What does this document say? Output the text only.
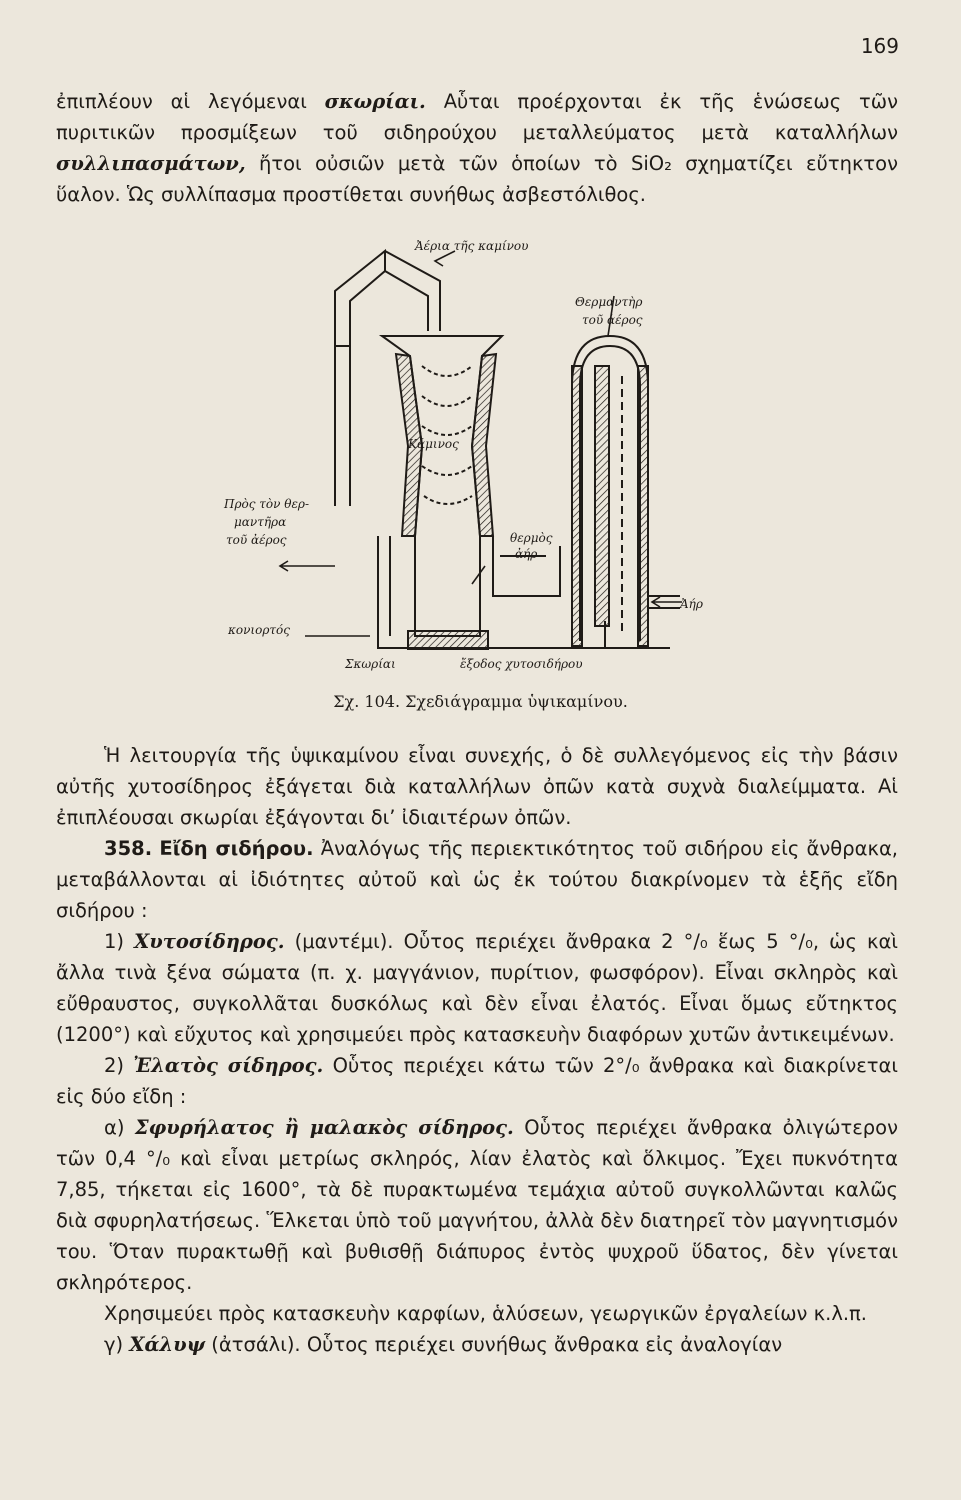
169

ἐπιπλέουν αἱ λεγόμεναι σκωρίαι. Αὗται προέρχονται ἐκ τῆς ἑνώσεως τῶν πυριτικῶν προσμίξεων τοῦ σιδηρούχου μεταλλεύματος μετὰ καταλλήλων συλλιπασμάτων, ἤτοι οὐσιῶν μετὰ τῶν ὁποίων τὸ SiO₂ σχηματίζει εὔτηκτον ὕαλον. Ὡς συλλίπασμα προστίθεται συνήθως ἀσβεστόλιθος.

Ἀέρια τῆς καμίνου
Θερμαντὴρ
τοῦ ἀέρος
Πρὸς τὸν θερ-
μαντῆρα
τοῦ ἀέρος
Κάμινος
θερμὸς
ἀήρ
κονιορτός
Ἀήρ
Σκωρίαι	ἔξοδος χυτοσιδήρου
Σχ. 104. Σχεδιάγραμμα ὑψικαμίνου.

Ἡ λειτουργία τῆς ὑψικαμίνου εἶναι συνεχής, ὁ δὲ συλλεγόμενος εἰς τὴν βάσιν αὐτῆς χυτοσίδηρος ἐξάγεται διὰ καταλλήλων ὀπῶν κατὰ συχνὰ διαλείμματα. Αἱ ἐπιπλέουσαι σκωρίαι ἐξάγονται δι’ ἰδιαιτέρων ὀπῶν.

358. Εἴδη σιδήρου. Ἀναλόγως τῆς περιεκτικότητος τοῦ σιδήρου εἰς ἄνθρακα, μεταβάλλονται αἱ ἰδιότητες αὐτοῦ καὶ ὡς ἐκ τούτου διακρίνομεν τὰ ἑξῆς εἴδη σιδήρου :

1) Χυτοσίδηρος. (μαντέμι). Οὗτος περιέχει ἄνθρακα 2 °/₀ ἕως 5 °/₀, ὡς καὶ ἄλλα τινὰ ξένα σώματα (π. χ. μαγγάνιον, πυρίτιον, φωσφόρον). Εἶναι σκληρὸς καὶ εὔθραυστος, συγκολλᾶται δυσκόλως καὶ δὲν εἶναι ἐλατός. Εἶναι ὅμως εὔτηκτος (1200°) καὶ εὔχυτος καὶ χρησιμεύει πρὸς κατασκευὴν διαφόρων χυτῶν ἀντικειμένων.

2) Ἐλατὸς σίδηρος. Οὗτος περιέχει κάτω τῶν 2°/₀ ἄνθρακα καὶ διακρίνεται εἰς δύο εἴδη :

α) Σφυρήλατος ἢ μαλακὸς σίδηρος. Οὗτος περιέχει ἄνθρακα ὀλιγώτερον τῶν 0,4 °/₀ καὶ εἶναι μετρίως σκληρός, λίαν ἐλατὸς καὶ ὅλκιμος. Ἔχει πυκνότητα 7,85, τήκεται εἰς 1600°, τὰ δὲ πυρακτωμένα τεμάχια αὐτοῦ συγκολλῶνται καλῶς διὰ σφυρηλατήσεως. Ἕλκεται ὑπὸ τοῦ μαγνήτου, ἀλλὰ δὲν διατηρεῖ τὸν μαγνητισμόν του. Ὅταν πυρακτωθῇ καὶ βυθισθῇ διάπυρος ἐντὸς ψυχροῦ ὕδατος, δὲν γίνεται σκληρότερος.

Χρησιμεύει πρὸς κατασκευὴν καρφίων, ἁλύσεων, γεωργικῶν ἐργαλείων κ.λ.π.

γ) Χάλυψ (ἀτσάλι). Οὗτος περιέχει συνήθως ἄνθρακα εἰς ἀναλογίαν
